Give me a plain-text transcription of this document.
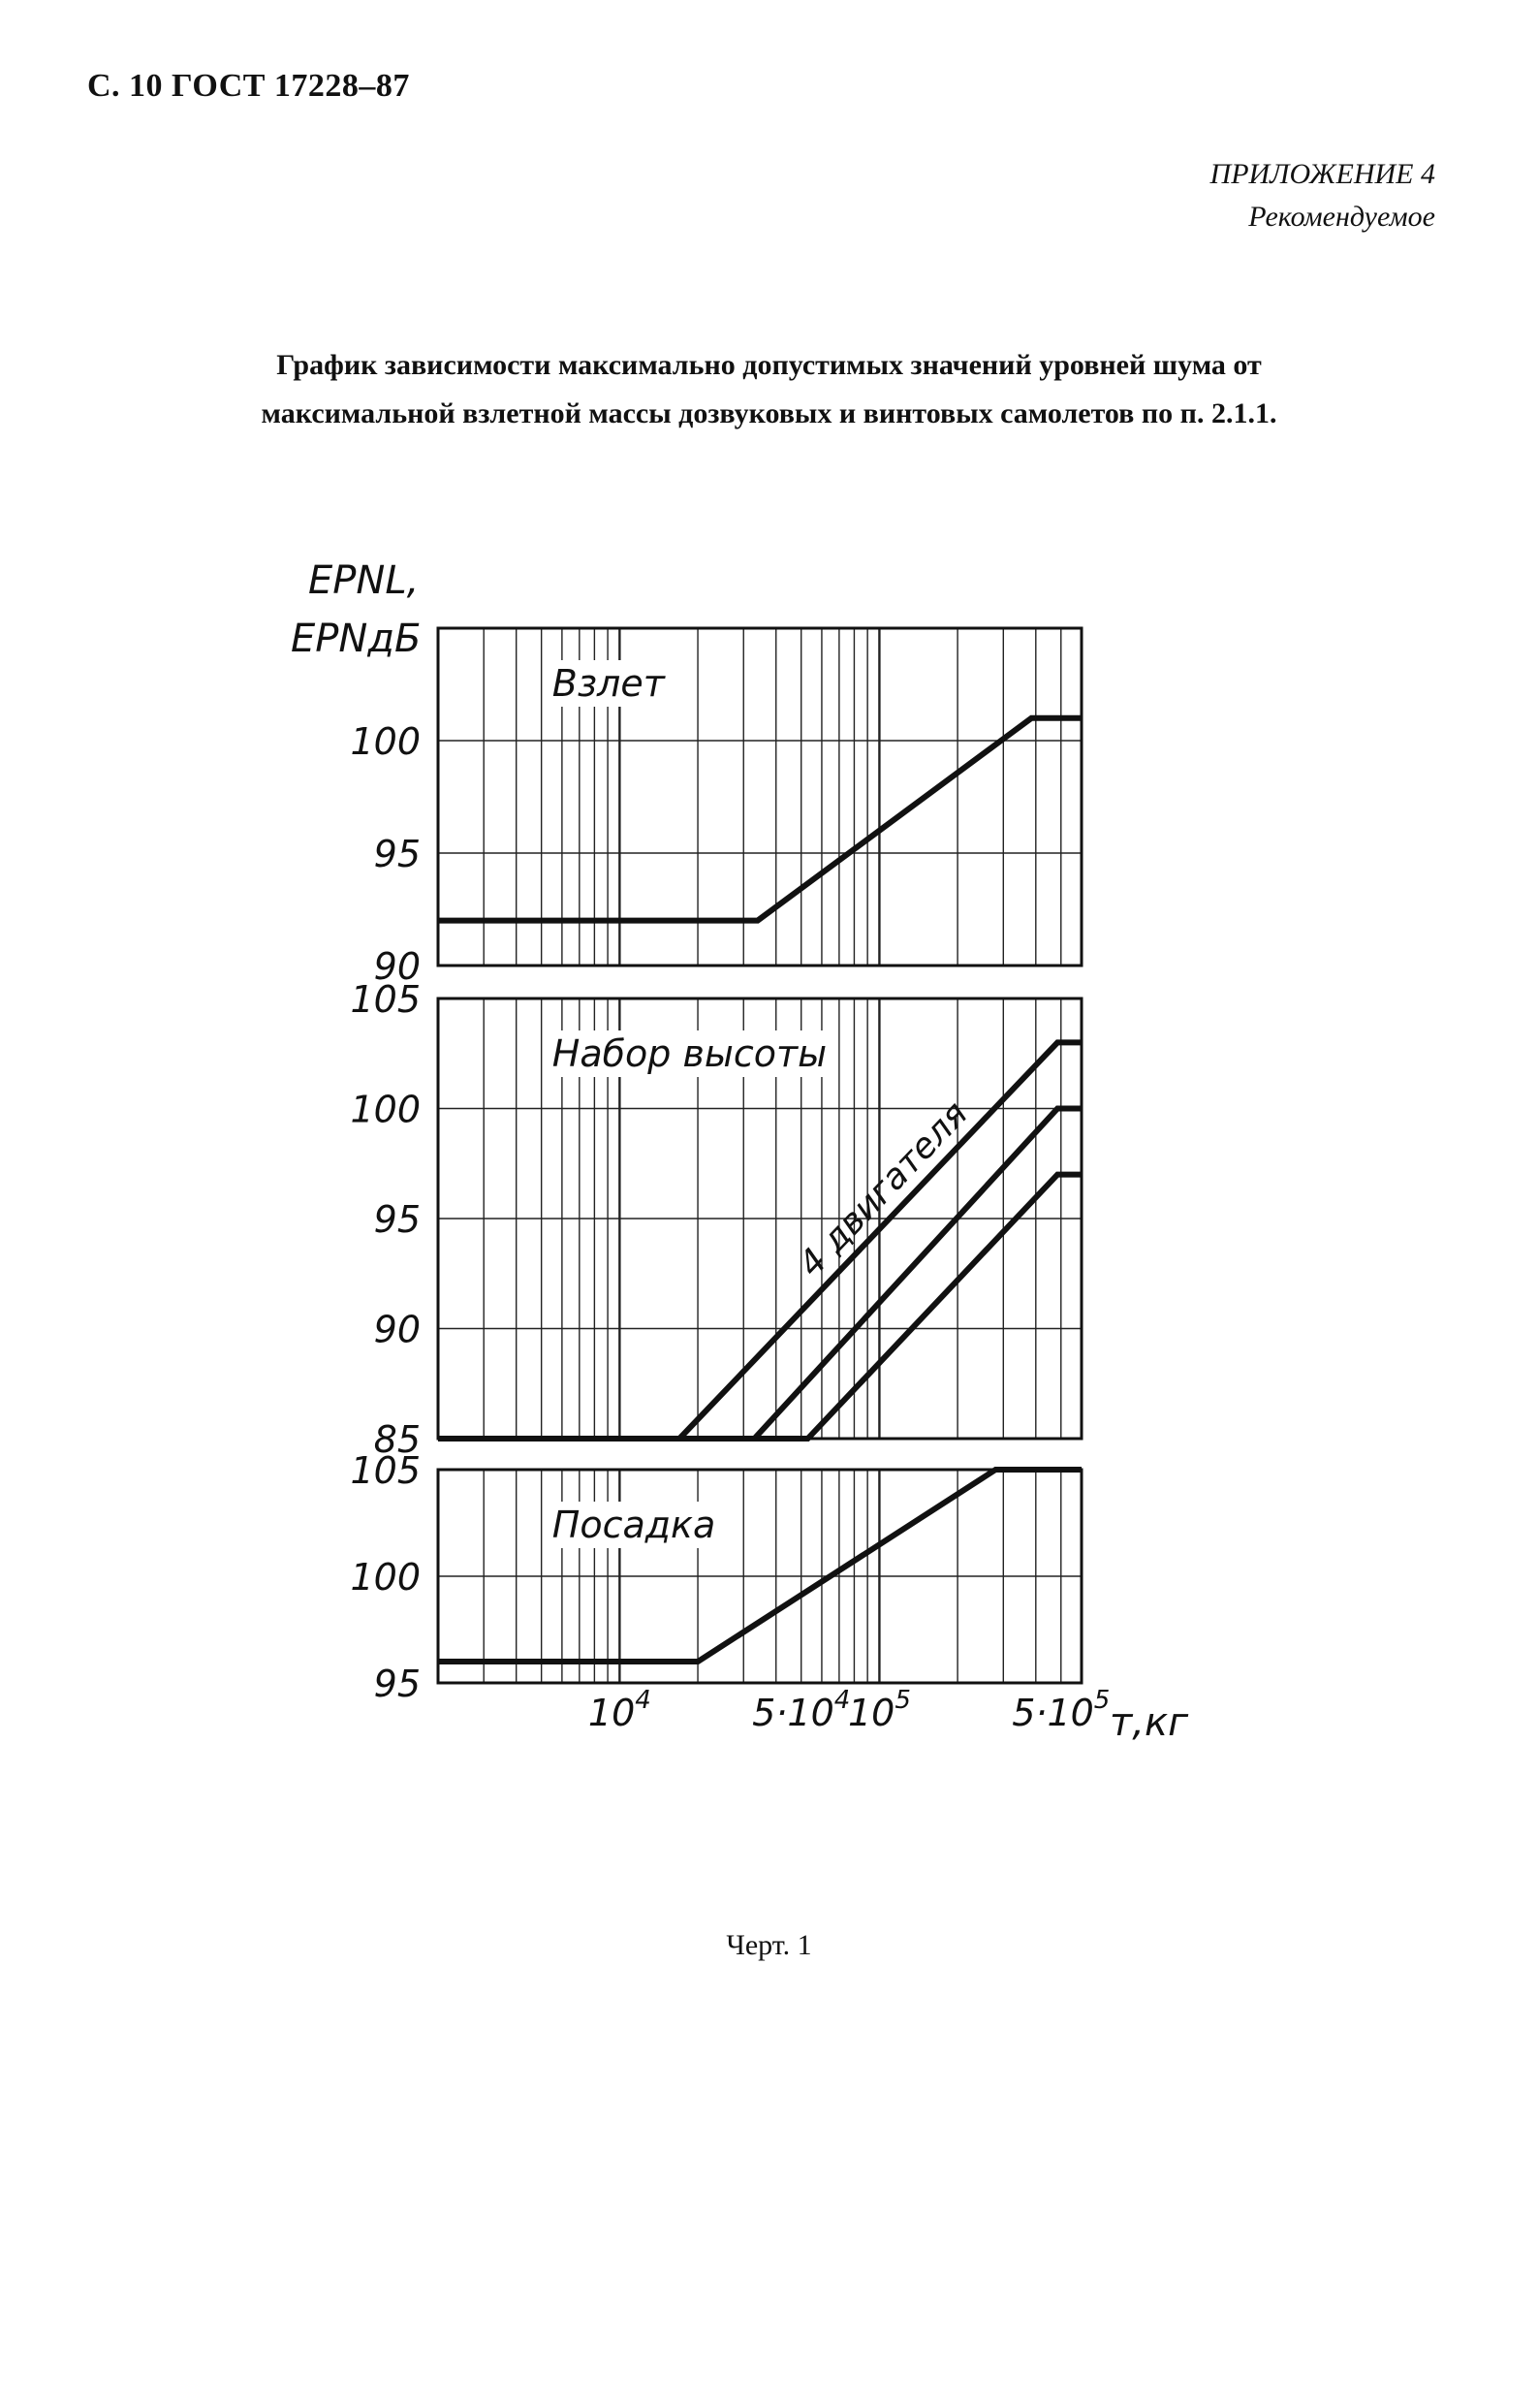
С. 10 ГОСТ 17228–87
ПРИЛОЖЕНИЕ 4
Рекомендуемое
График зависимости максимально допустимых значений уровней шума от
максимальной взлетной массы дозвуковых и винтовых самолетов по п. 2.1.1.
EPNL,
EPNдБ
т,кг
90
95
100
Взлет
85
90
95
100
105
Набор высоты
4 двигателя
95
100
105
Посадка
$10^4$	$5\cdot 10^4$
$10^5$	$5\cdot 10^5$
Черт. 1
